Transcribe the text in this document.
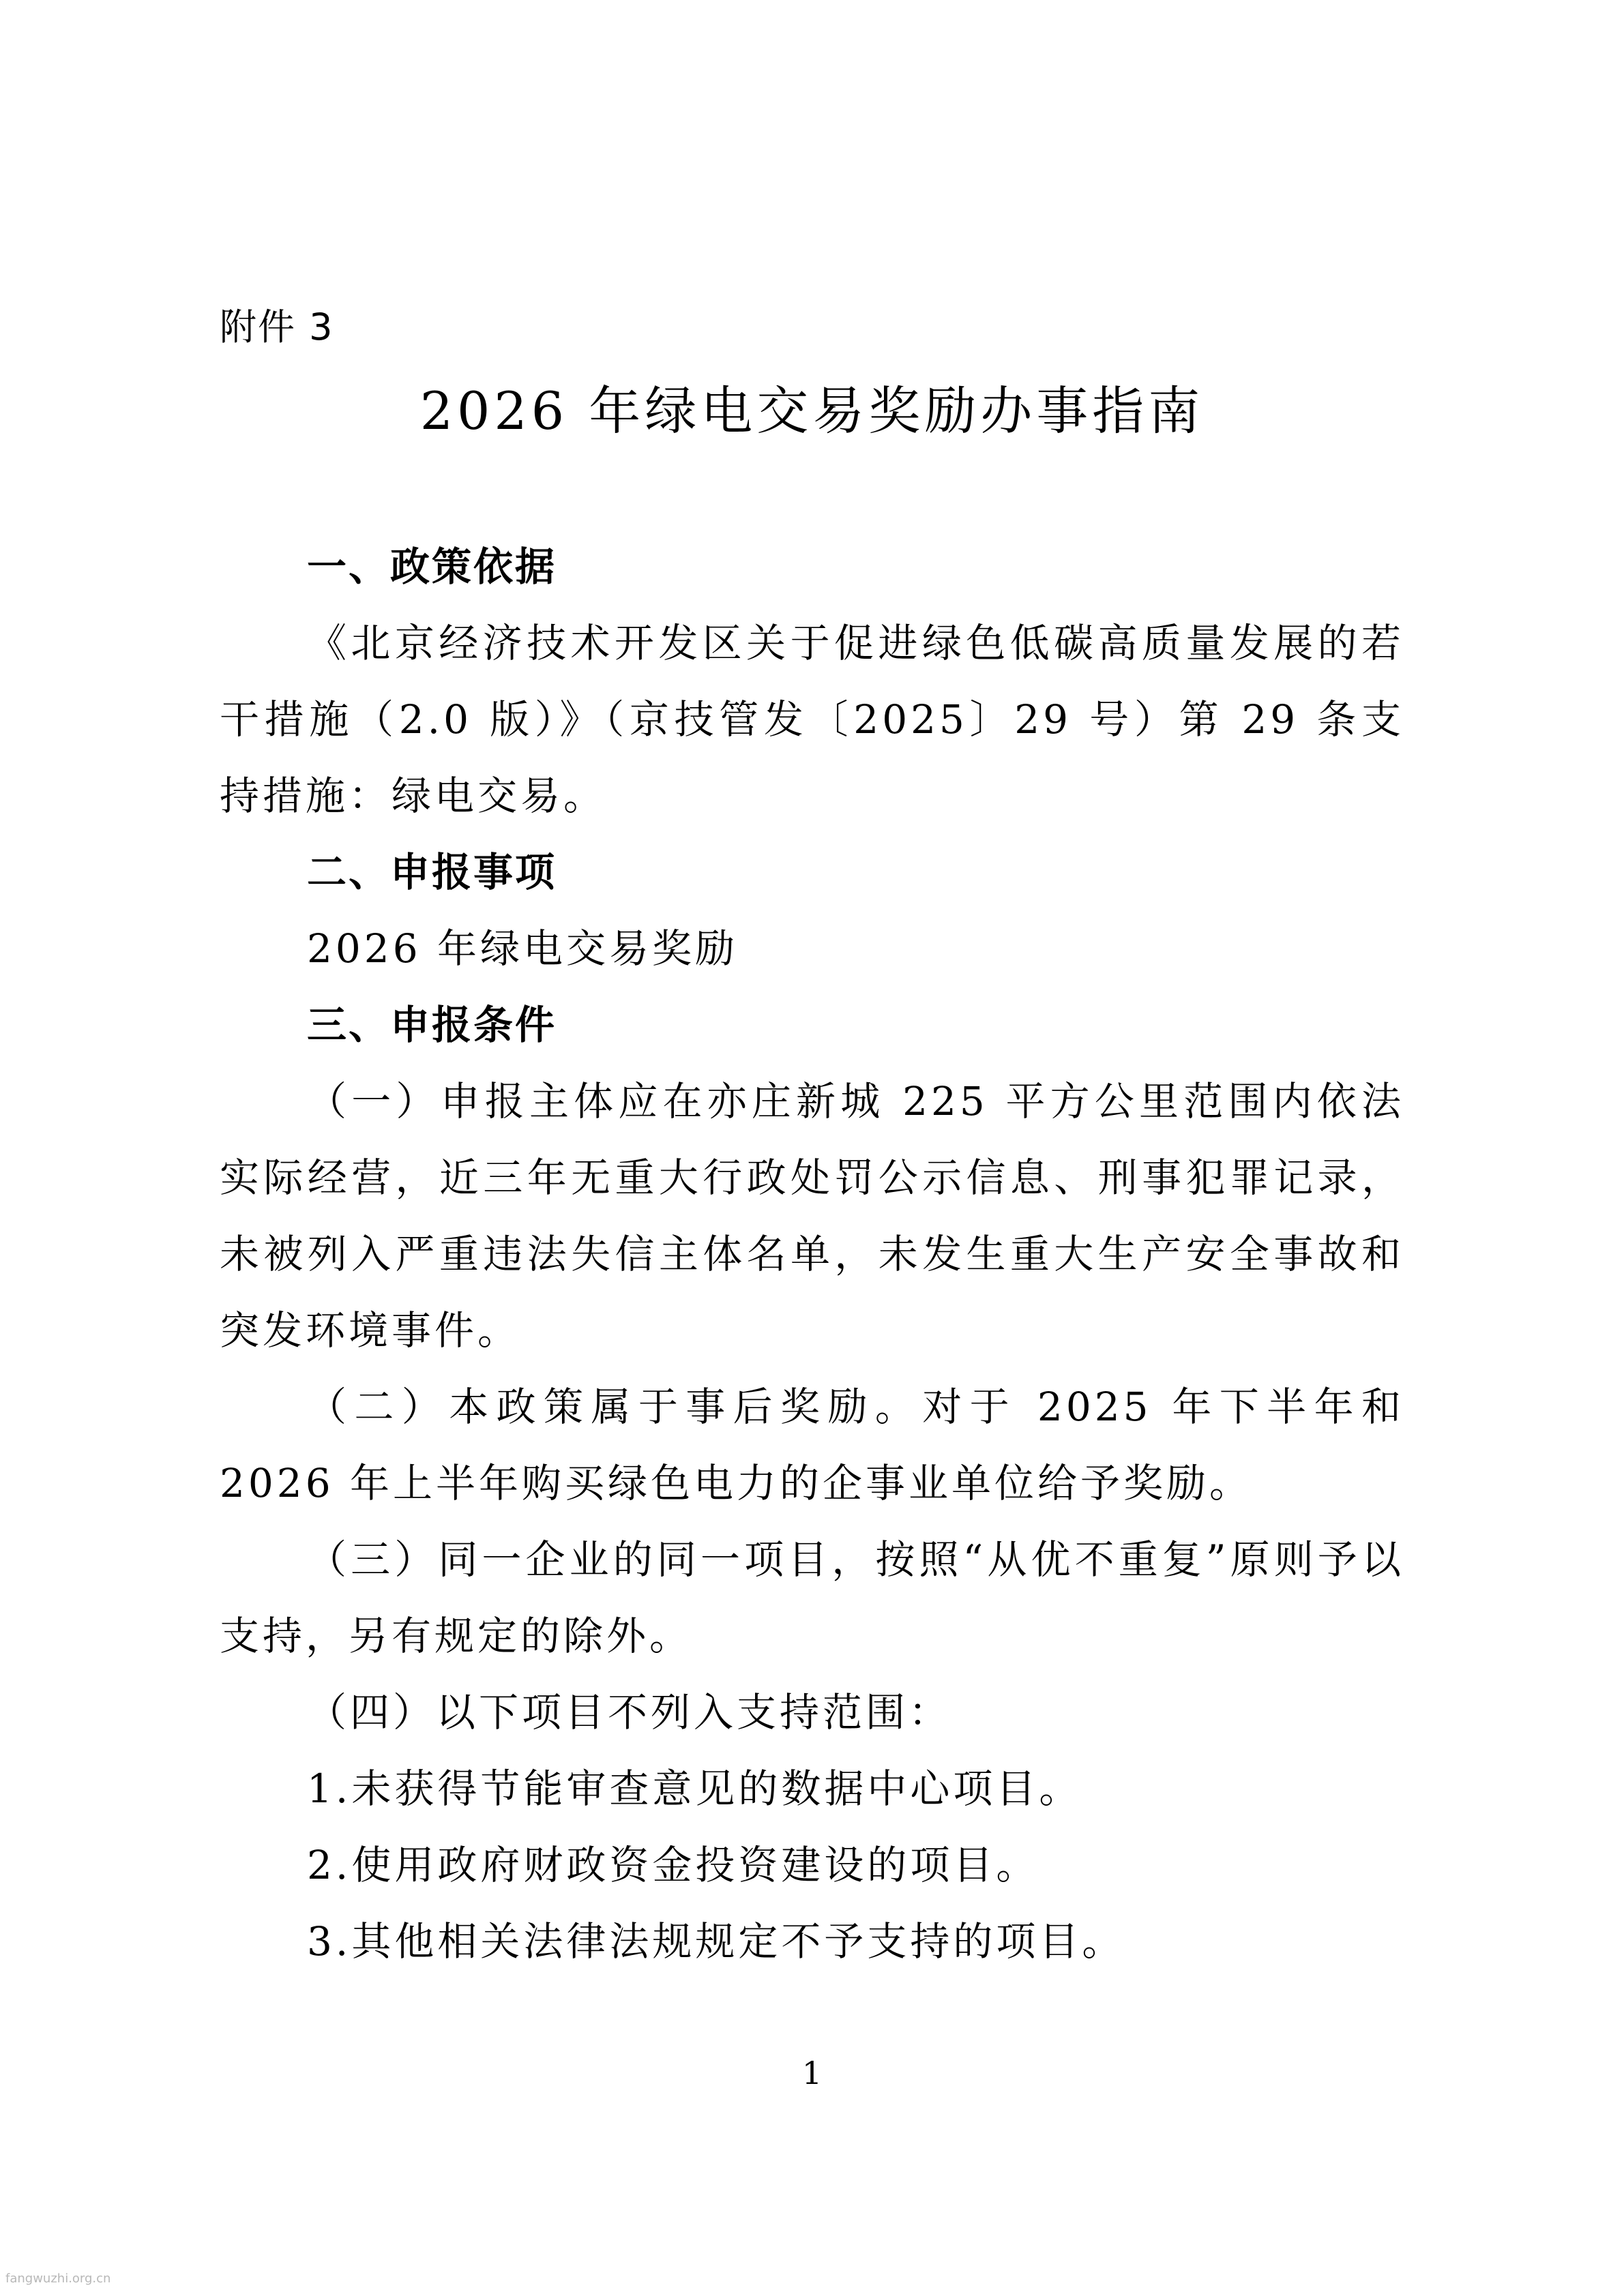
附件 3
2026 年绿电交易奖励办事指南

一、政策依据

《北京经济技术开发区关于促进绿色低碳高质量发展的若干措施（2.0 版）》（京技管发〔2025〕29 号）第 29 条支持措施：绿电交易。

二、申报事项

2026 年绿电交易奖励

三、申报条件

（一）申报主体应在亦庄新城 225 平方公里范围内依法实际经营，近三年无重大行政处罚公示信息、刑事犯罪记录，未被列入严重违法失信主体名单，未发生重大生产安全事故和突发环境事件。

（二）本政策属于事后奖励。对于 2025 年下半年和 2026 年上半年购买绿色电力的企事业单位给予奖励。

（三）同一企业的同一项目，按照“从优不重复”原则予以支持，另有规定的除外。

（四）以下项目不列入支持范围：

1.未获得节能审查意见的数据中心项目。

2.使用政府财政资金投资建设的项目。

3.其他相关法律法规规定不予支持的项目。

1
fangwuzhi.org.cn
